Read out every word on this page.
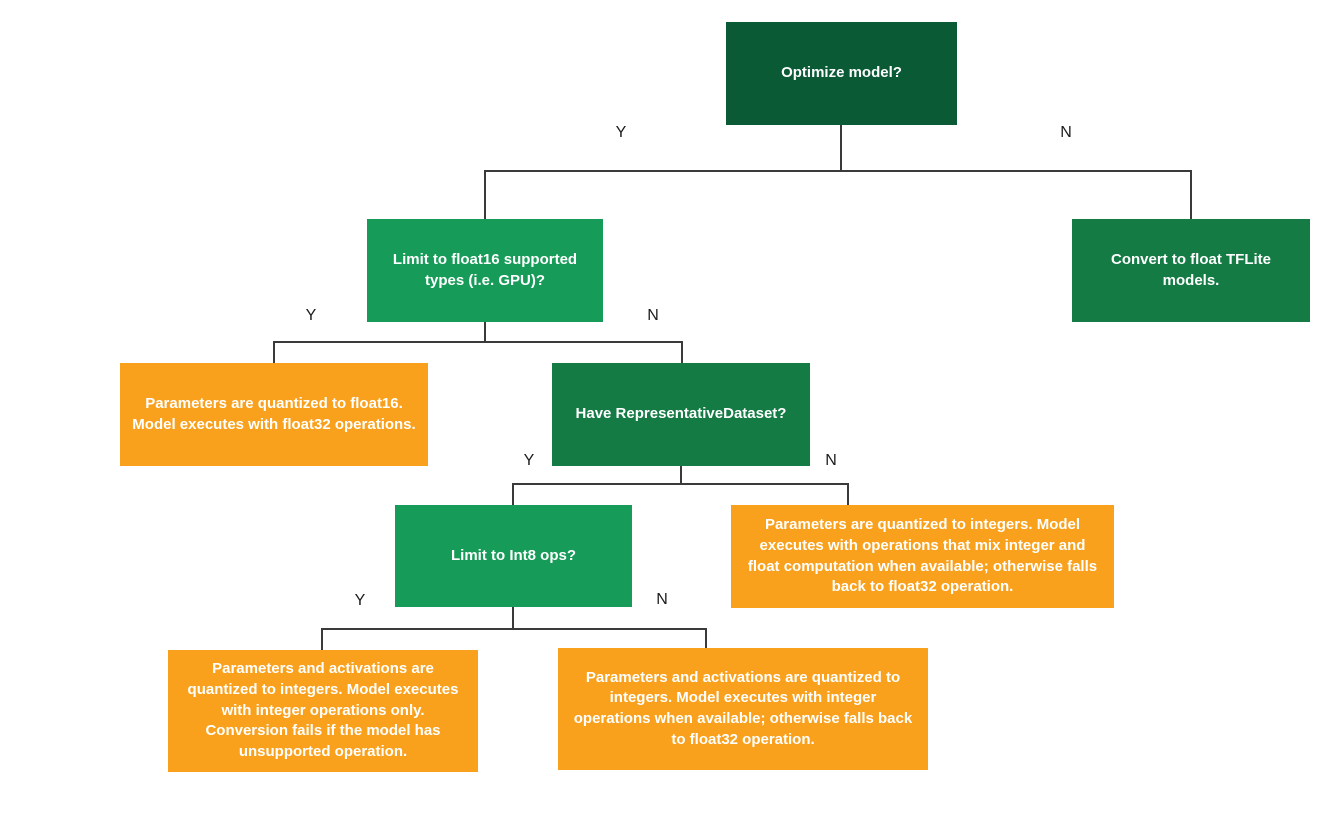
Optimize model?
Limit to float16 supported types (i.e. GPU)?
Convert to float TFLite models.
Parameters are quantized to float16. Model executes with float32 operations.
Have RepresentativeDataset?
Limit to Int8 ops?
Parameters are quantized to integers. Model executes with operations that mix integer and float computation when available; otherwise falls back to float32 operation.
Parameters and activations are quantized to integers. Model executes with integer operations only. Conversion fails if the model has unsupported operation.
Parameters and activations are quantized to integers. Model executes with integer operations when available; otherwise falls back to float32 operation.
Y	N
Y	N
Y	N
Y	N
